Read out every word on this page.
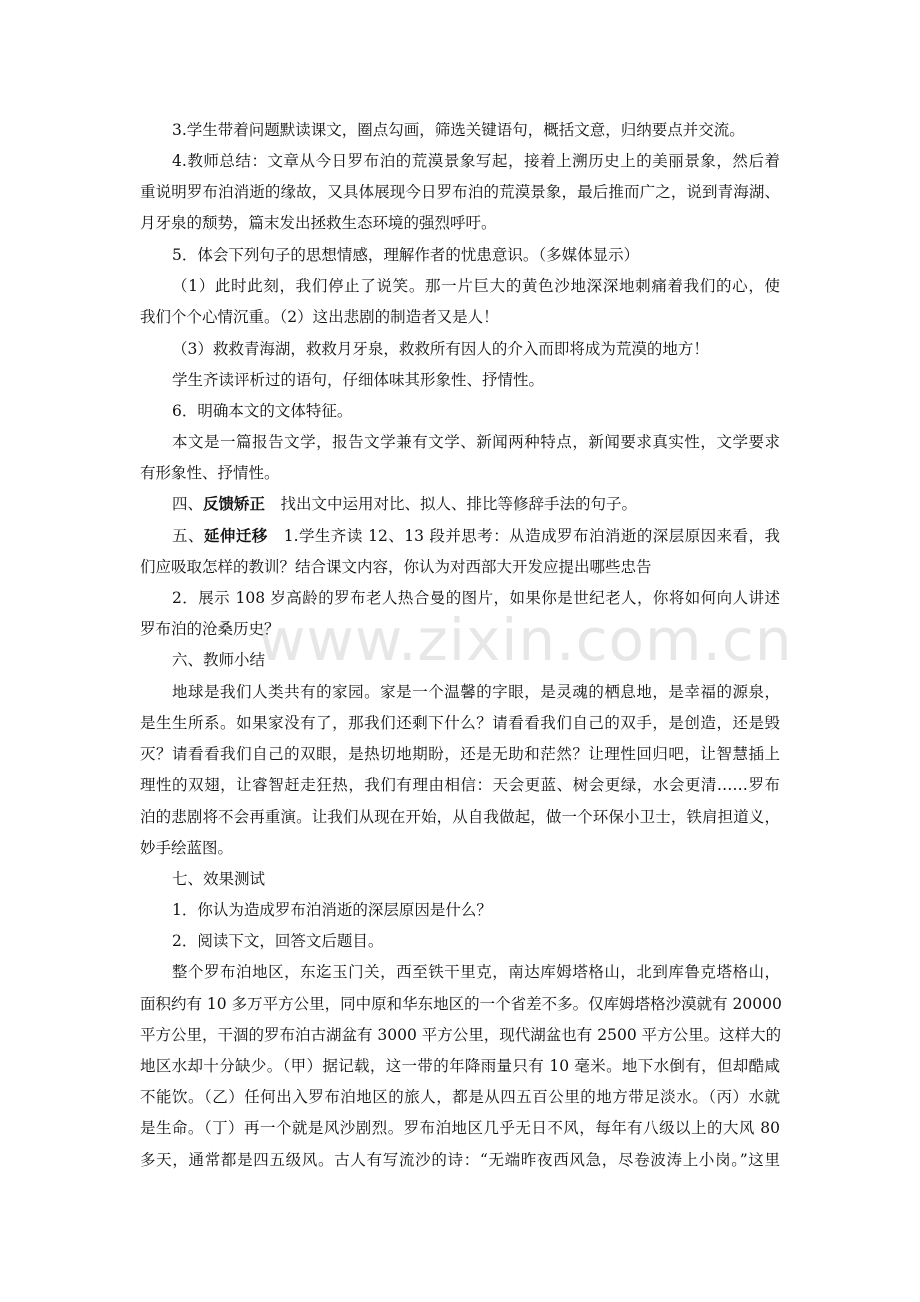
www.zixin.com.cn
3.学生带着问题默读课文，圈点勾画，筛选关键语句，概括文意，归纳要点并交流。
4.教师总结：文章从今日罗布泊的荒漠景象写起，接着上溯历史上的美丽景象，然后着
重说明罗布泊消逝的缘故，又具体展现今日罗布泊的荒漠景象，最后推而广之，说到青海湖、
月牙泉的颓势，篇末发出拯救生态环境的强烈呼吁。
5．体会下列句子的思想情感，理解作者的忧患意识。（多媒体显示）
（1）此时此刻，我们停止了说笑。那一片巨大的黄色沙地深深地刺痛着我们的心，使
我们个个心情沉重。（2）这出悲剧的制造者又是人！
（3）救救青海湖，救救月牙泉，救救所有因人的介入而即将成为荒漠的地方！
学生齐读评析过的语句，仔细体味其形象性、抒情性。
6．明确本文的文体特征。
本文是一篇报告文学，报告文学兼有文学、新闻两种特点，新闻要求真实性，文学要求
有形象性、抒情性。
四、反馈矫正　找出文中运用对比、拟人、排比等修辞手法的句子。
五、延伸迁移　1.学生齐读 12、13 段并思考：从造成罗布泊消逝的深层原因来看，我
们应吸取怎样的教训？结合课文内容，你认为对西部大开发应提出哪些忠告
2．展示 108 岁高龄的罗布老人热合曼的图片，如果你是世纪老人，你将如何向人讲述
罗布泊的沧桑历史？
六、教师小结
地球是我们人类共有的家园。家是一个温馨的字眼，是灵魂的栖息地，是幸福的源泉，
是生生所系。如果家没有了，那我们还剩下什么？请看看我们自己的双手，是创造，还是毁
灭？请看看我们自己的双眼，是热切地期盼，还是无助和茫然？让理性回归吧，让智慧插上
理性的双翅，让睿智赶走狂热，我们有理由相信：天会更蓝、树会更绿，水会更清……罗布
泊的悲剧将不会再重演。让我们从现在开始，从自我做起，做一个环保小卫士，铁肩担道义，
妙手绘蓝图。
七、效果测试
1．你认为造成罗布泊消逝的深层原因是什么？
2．阅读下文，回答文后题目。
整个罗布泊地区，东迄玉门关，西至铁干里克，南达库姆塔格山，北到库鲁克塔格山，
面积约有 10 多万平方公里，同中原和华东地区的一个省差不多。仅库姆塔格沙漠就有 20000
平方公里，干涸的罗布泊古湖盆有 3000 平方公里，现代湖盆也有 2500 平方公里。这样大的
地区水却十分缺少。（甲）据记载，这一带的年降雨量只有 10 毫米。地下水倒有，但却酷咸
不能饮。（乙）任何出入罗布泊地区的旅人，都是从四五百公里的地方带足淡水。（丙）水就
是生命。（丁）再一个就是风沙剧烈。罗布泊地区几乎无日不风，每年有八级以上的大风 80
多天，通常都是四五级风。古人有写流沙的诗：“无端昨夜西风急，尽卷波涛上小岗。”这里
